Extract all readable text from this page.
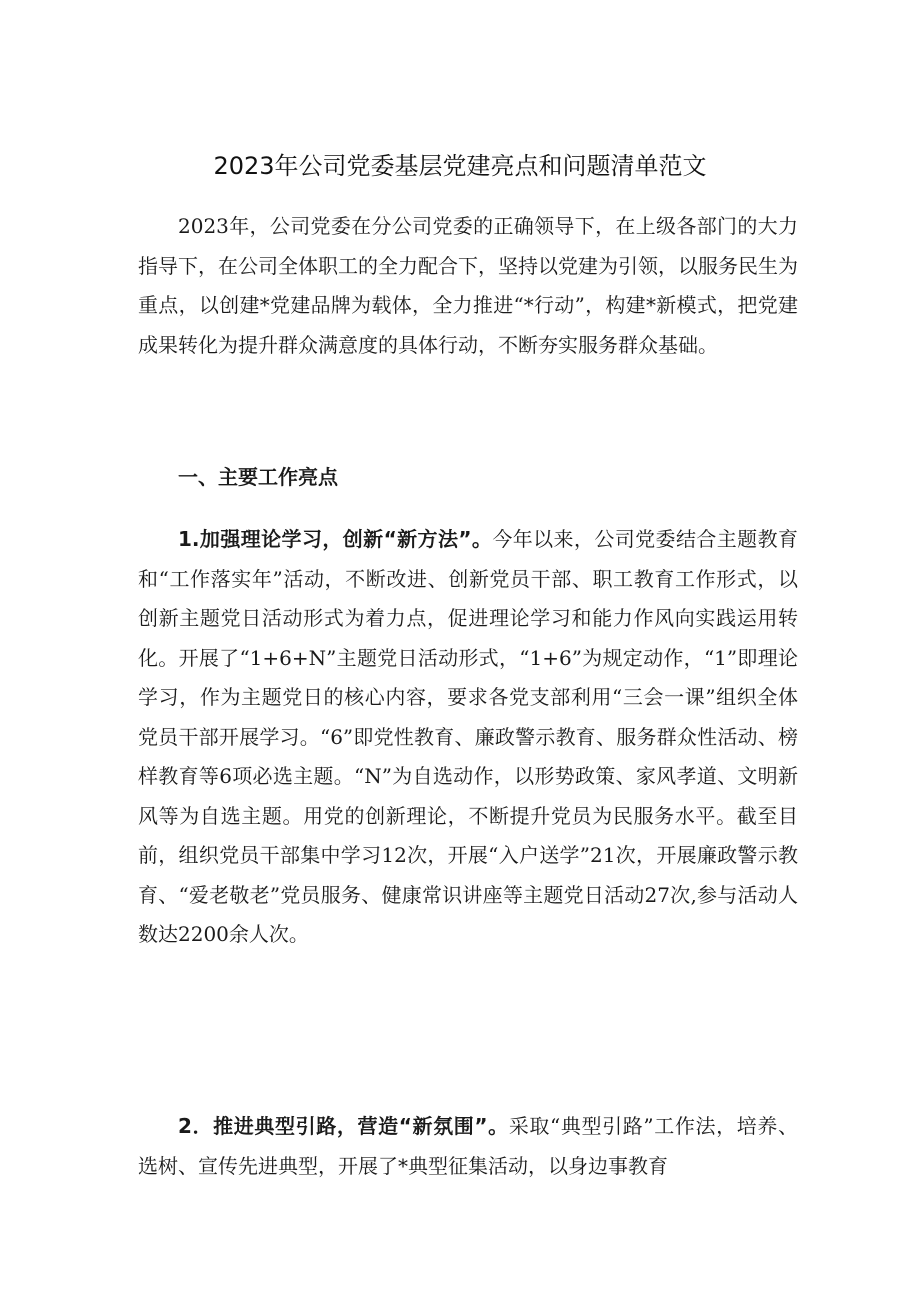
2023年公司党委基层党建亮点和问题清单范文

2023年，公司党委在分公司党委的正确领导下，在上级各部门的大力指导下，在公司全体职工的全力配合下，坚持以党建为引领，以服务民生为重点，以创建*党建品牌为载体，全力推进“*行动”，构建*新模式，把党建成果转化为提升群众满意度的具体行动，不断夯实服务群众基础。

一、主要工作亮点

1.加强理论学习，创新“新方法”。今年以来，公司党委结合主题教育和“工作落实年”活动，不断改进、创新党员干部、职工教育工作形式，以创新主题党日活动形式为着力点，促进理论学习和能力作风向实践运用转化。开展了“1+6+N”主题党日活动形式，“1+6”为规定动作，“1”即理论学习，作为主题党日的核心内容，要求各党支部利用“三会一课”组织全体党员干部开展学习。“6”即党性教育、廉政警示教育、服务群众性活动、榜样教育等6项必选主题。“N”为自选动作，以形势政策、家风孝道、文明新风等为自选主题。用党的创新理论，不断提升党员为民服务水平。截至目前，组织党员干部集中学习12次，开展“入户送学”21次，开展廉政警示教育、“爱老敬老”党员服务、健康常识讲座等主题党日活动27次,参与活动人数达2200余人次。

2．推进典型引路，营造“新氛围”。采取“典型引路”工作法，培养、选树、宣传先进典型，开展了*典型征集活动，以身边事教育
